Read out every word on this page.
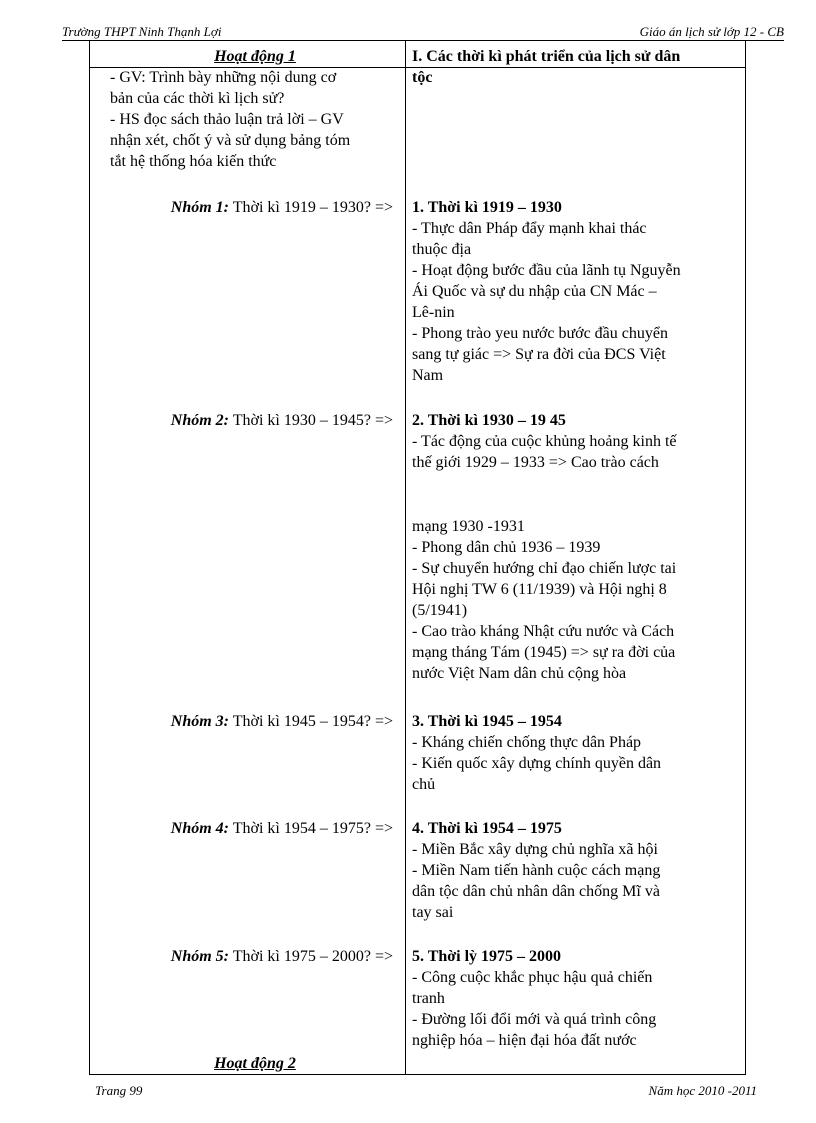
Trường THPT Ninh Thạnh Lợi	Giáo án lịch sử lớp 12 - CB
Hoạt động 1
- GV: Trình bày những nội dung cơ
bản của các thời kì lịch sử?
- HS đọc sách thảo luận trả lời – GV
nhận xét, chốt ý và sử dụng bảng tóm
tắt hệ thống hóa kiến thức
I. Các thời kì phát triển của lịch sử dân
tộc
Nhóm 1: Thời kì 1919 – 1930? =>
Nhóm 2: Thời kì 1930 – 1945? =>
Nhóm 3: Thời kì 1945 – 1954? =>
Nhóm 4: Thời kì 1954 – 1975? =>
Nhóm 5: Thời kì 1975 – 2000? =>
1. Thời kì 1919 – 1930
- Thực dân Pháp đẩy mạnh khai thác
thuộc địa
- Hoạt động bước đầu của lãnh tụ Nguyễn
Ái Quốc và sự du nhập của CN Mác –
Lê-nin
- Phong trào yeu nước bước đầu chuyển
sang tự giác => Sự ra đời của ĐCS Việt
Nam
2. Thời kì 1930 – 19 45
- Tác động của cuộc khủng hoảng kinh tế
thế giới 1929 – 1933 => Cao trào cách
mạng 1930 -1931
- Phong dân chủ 1936 – 1939
- Sự chuyển hướng chỉ đạo chiến lược tai
Hội nghị TW 6 (11/1939) và Hội nghị 8
(5/1941)
- Cao trào kháng Nhật cứu nước và Cách
mạng tháng Tám (1945) => sự ra đời của
nước Việt Nam dân chủ cộng hòa
3. Thời kì 1945 – 1954
- Kháng chiến chống thực dân Pháp
- Kiến quốc xây dựng chính quyền dân
chủ
4. Thời kì 1954 – 1975
- Miền Bắc xây dựng chủ nghĩa xã hội
- Miền Nam tiến hành cuộc cách mạng
dân tộc dân chủ nhân dân chống Mĩ và
tay sai
5. Thời lỳ 1975 – 2000
- Công cuộc khắc phục hậu quả chiến
tranh
- Đường lối đổi mới và quá trình công
nghiệp hóa – hiện đại hóa đất nước
Hoạt động 2
Trang 99	Năm học 2010 -2011
